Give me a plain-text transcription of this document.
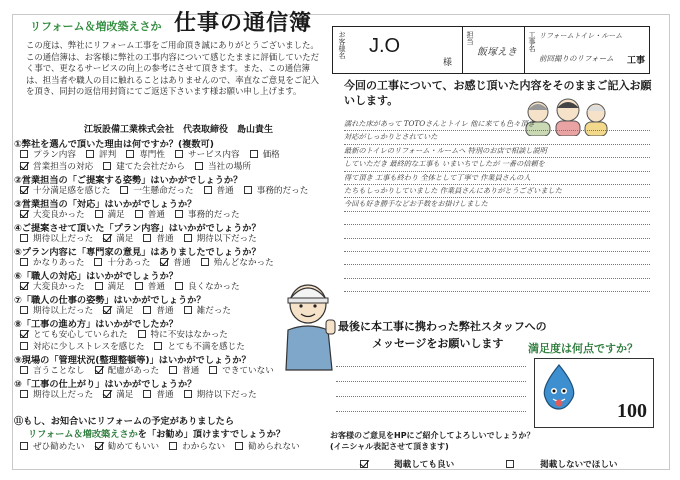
リフォーム＆増改築えさか 仕事の通信簿
この度は、弊社にリフォーム工事をご用命頂き誠にありがとうございました。この通信簿は、お客様に弊社の工事内容について感じたままに評価していただく事で、更なるサービスの向上の参考にさせて頂きます。また、この通信簿は、担当者や職人の目に触れることはありませんので、率直なご意見をご記入を頂き、同封の返信用封筒にてご返送下さいます様お願い申し上げます。
江坂設備工業株式会社　代表取締役　島山貴生
①弊社を選んで頂いた理由は何ですか？(複数可)
プラン内容	評判	専門性	サービス内容	価格
営業担当の対応	建てた会社だから	当社の場所
②営業担当の「ご提案する姿勢」はいかがでしょうか？
十分満足感を感じた	一生懸命だった	普通	事務的だった
③営業担当の「対応」はいかがでしょうか？
大変良かった	満足	普通	事務的だった
④ご提案させて頂いた「プラン内容」はいかがでしょうか？
期待以上だった	満足	普通	期待以下だった
⑤プラン内容に「専門家の意見」はありましたでしょうか？
かなりあった	十分あった	普通	殆んどなかった
⑥「職人の対応」はいかがでしょうか？
大変良かった	満足	普通	良くなかった
⑦「職人の仕事の姿勢」はいかがでしょうか？
期待以上だった	満足	普通	雑だった
⑧「工事の進め方」はいかがでしたか？
とても安心していられた	特に不安はなかった
対応に少しストレスを感じた	とても不満を感じた
⑨現場の「管理状況(整理整頓等)」はいかがでしょうか？
言うことなし	配慮があった	普通	できていない
⑩「工事の仕上がり」はいかがでしょうか？
期待以上だった	満足	普通	期待以下だった
⑪もし、お知合いにリフォームの予定がありましたら
リフォーム＆増改築えさかを「お勧め」頂けますでしょうか？
ぜひ勧めたい	勧めてもいい	わからない	勧められない
お客様名 J.O
様
担当
飯塚えき
工事名 リフォームトイレ・ルーム
前回撮りのリフォーム 工事
今回の工事について、お感じ頂いた内容をそのままご記入お願いします。
濡れた床があって TOTOさんとトイレ 他に来ても色々頂き
対応がしっかりとされていた
最新のトイレのリフォーム・ルームへ 特別のお店で相談し説明
していただき 最終的な工事も いまいちでしたが 一番の信頼を
得て頂き 工事も終わり 全体として丁寧で 作業員さんの人
たちもしっかりしていました 作業員さんにありがとうございました
今回も好き勝手などお手数をお掛けしました
最後に本工事に携わった弊社スタッフへの
メッセージをお願いします	満足度は何点ですか？
100
お客様のご意見をHPにご紹介してよろしいでしょうか？
(イニシャル表記させて頂きます)
掲載しても良い	掲載しないでほしい
